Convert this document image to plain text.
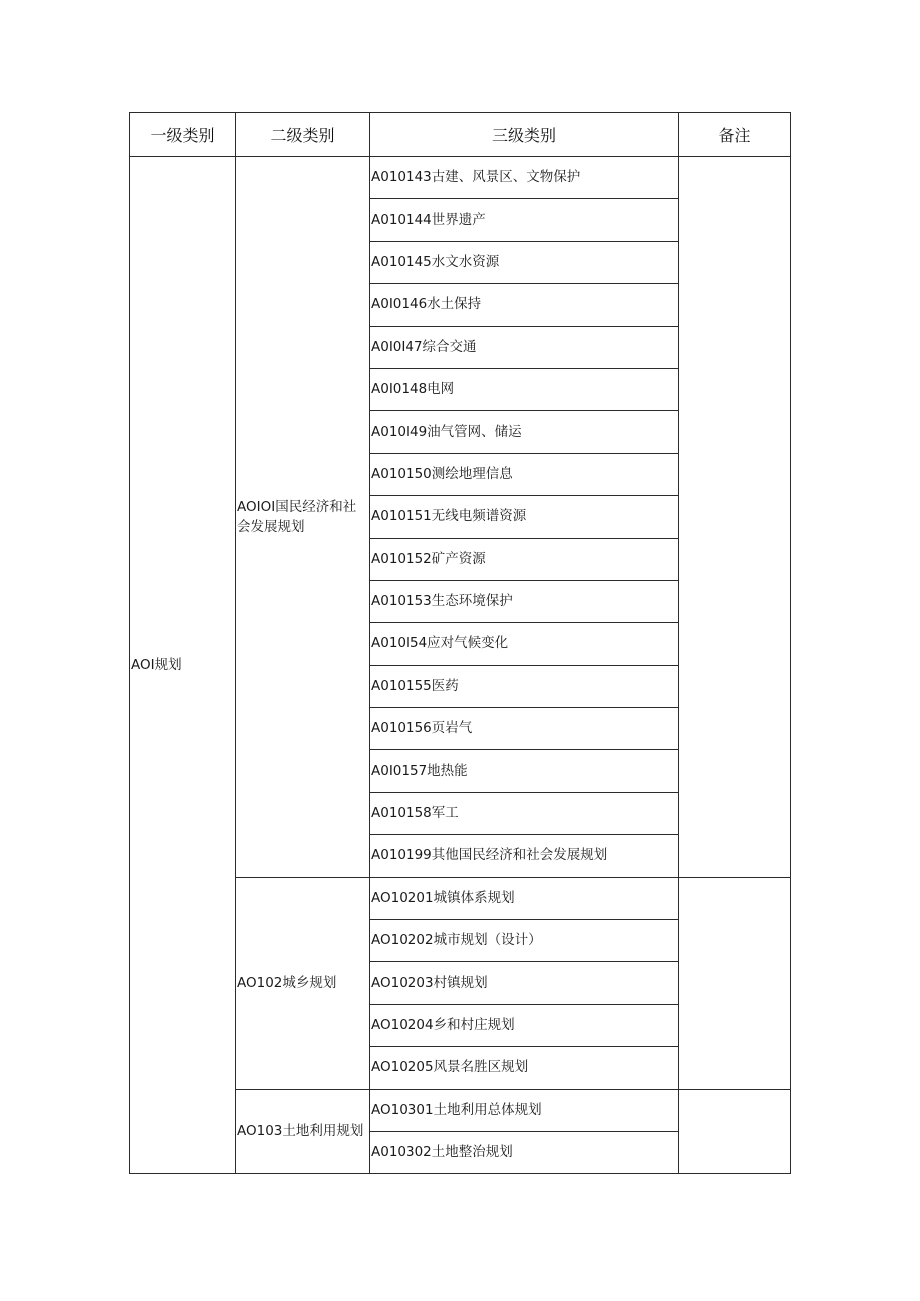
一级类别	二级类别	三级类别	备注
AOI规划	AOIOI国民经济和社会发展规划	A010143古建、风景区、文物保护	
		A010144世界遗产	
		A010145水文水资源	
		A0I0146水土保持	
		A0I0I47综合交通	
		A0I0148电网	
		A010I49油气管网、储运	
		A010150测绘地理信息	
		A010151无线电频谱资源	
		A010152矿产资源	
		A010153生态环境保护	
		A010I54应对气候变化	
		A010155医药	
		A010156页岩气	
		A0I0157地热能	
		A010158军工	
		A010199其他国民经济和社会发展规划	
	AO102城乡规划	AO10201城镇体系规划	
		AO10202城市规划（设计）	
		AO10203村镇规划	
		AO10204乡和村庄规划	
		AO10205风景名胜区规划	
	AO103土地利用规划	AO10301土地利用总体规划	
		A010302土地整治规划	
